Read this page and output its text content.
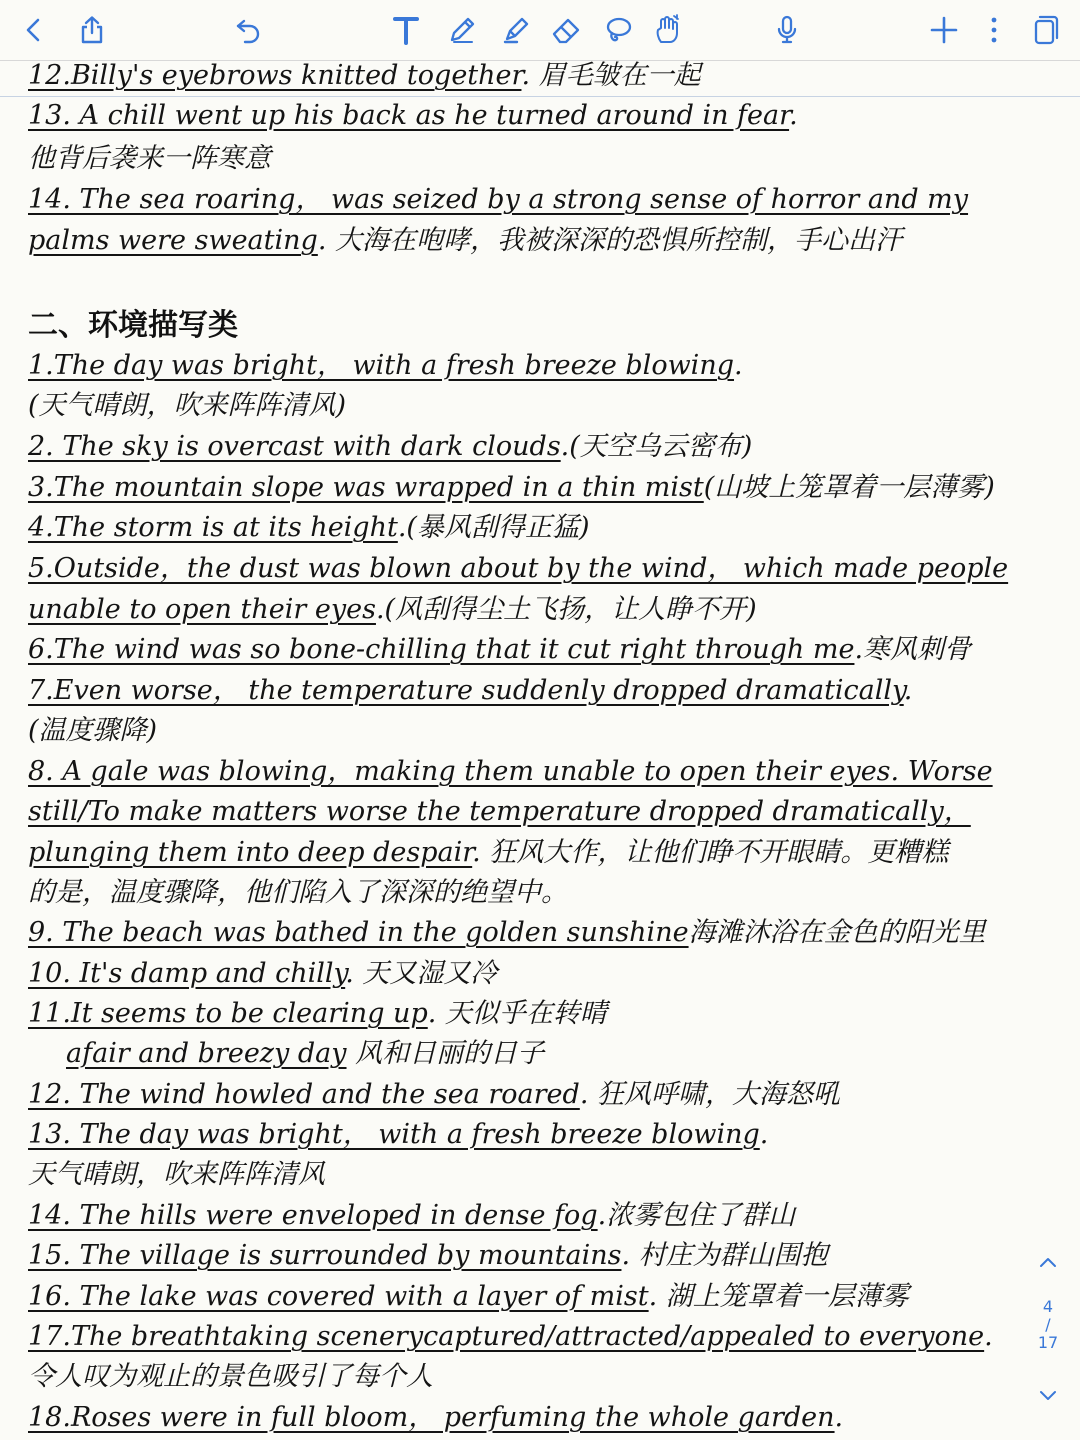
二、环境描写类
12.Billy's eyebrows knitted together. 眉毛皱在一起
13. A chill went up his back as he turned around in fear.
他背后袭来一阵寒意
14. The sea roaring， was seized by a strong sense of horror and my
palms were sweating. 大海在咆哮，我被深深的恐惧所控制，手心出汗
1.The day was bright， with a fresh breeze blowing.
(天气晴朗，吹来阵阵清风)
2. The sky is overcast with dark clouds.(天空乌云密布)
3.The mountain slope was wrapped in a thin mist(山坡上笼罩着一层薄雾)
4.The storm is at its height.(暴风刮得正猛)
5.Outside，the dust was blown about by the wind， which made people
unable to open their eyes.(风刮得尘土飞扬，让人睁不开)
6.The wind was so bone-chilling that it cut right through me.寒风刺骨
7.Even worse， the temperature suddenly dropped dramatically.
(温度骤降)
8. A gale was blowing，making them unable to open their eyes. Worse
still/To make matters worse the temperature dropped dramatically，
plunging them into deep despair. 狂风大作，让他们睁不开眼睛。更糟糕
的是，温度骤降，他们陷入了深深的绝望中。
9. The beach was bathed in the golden sunshine海滩沐浴在金色的阳光里
10. It's damp and chilly. 天又湿又冷
11.It seems to be clearing up. 天似乎在转晴
afair and breezy day 风和日丽的日子
12. The wind howled and the sea roared. 狂风呼啸，大海怒吼
13. The day was bright， with a fresh breeze blowing.
天气晴朗，吹来阵阵清风
14. The hills were enveloped in dense fog.浓雾包住了群山
15. The village is surrounded by mountains. 村庄为群山围抱
16. The lake was covered with a layer of mist. 湖上笼罩着一层薄雾
17.The breathtaking scenerycaptured/attracted/appealed to everyone.
令人叹为观止的景色吸引了每个人
18.Roses were in full bloom， perfuming the whole garden.
4
/
17
